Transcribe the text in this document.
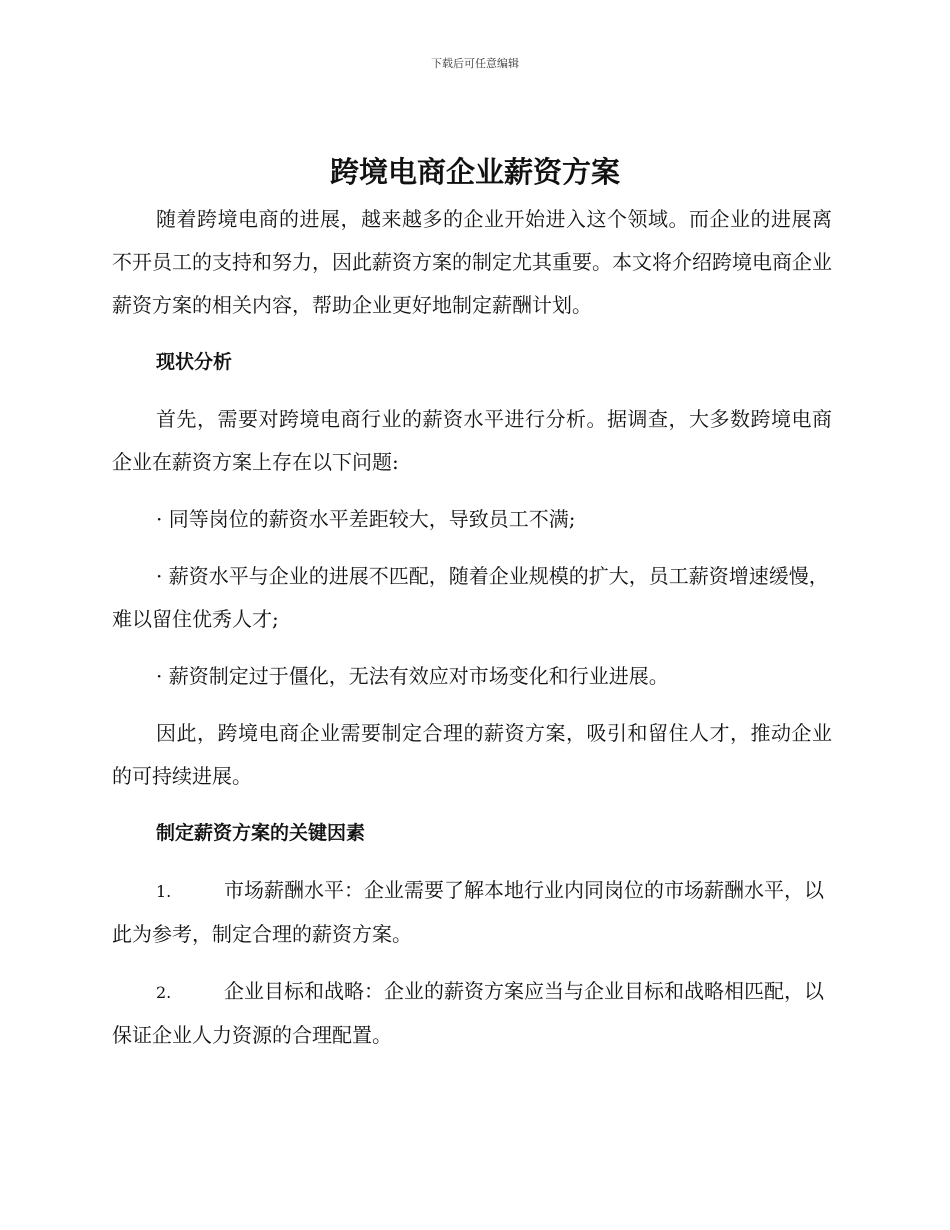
下载后可任意编辑
跨境电商企业薪资方案

随着跨境电商的进展，越来越多的企业开始进入这个领域。而企业的进展离不开员工的支持和努力，因此薪资方案的制定尤其重要。本文将介绍跨境电商企业薪资方案的相关内容，帮助企业更好地制定薪酬计划。

现状分析

首先，需要对跨境电商行业的薪资水平进行分析。据调查，大多数跨境电商企业在薪资方案上存在以下问题:

· 同等岗位的薪资水平差距较大，导致员工不满;

· 薪资水平与企业的进展不匹配，随着企业规模的扩大，员工薪资增速缓慢，难以留住优秀人才;

· 薪资制定过于僵化，无法有效应对市场变化和行业进展。

因此，跨境电商企业需要制定合理的薪资方案，吸引和留住人才，推动企业的可持续进展。

制定薪资方案的关键因素

1.	市场薪酬水平：企业需要了解本地行业内同岗位的市场薪酬水平，以此为参考，制定合理的薪资方案。

2.	企业目标和战略：企业的薪资方案应当与企业目标和战略相匹配，以保证企业人力资源的合理配置。
